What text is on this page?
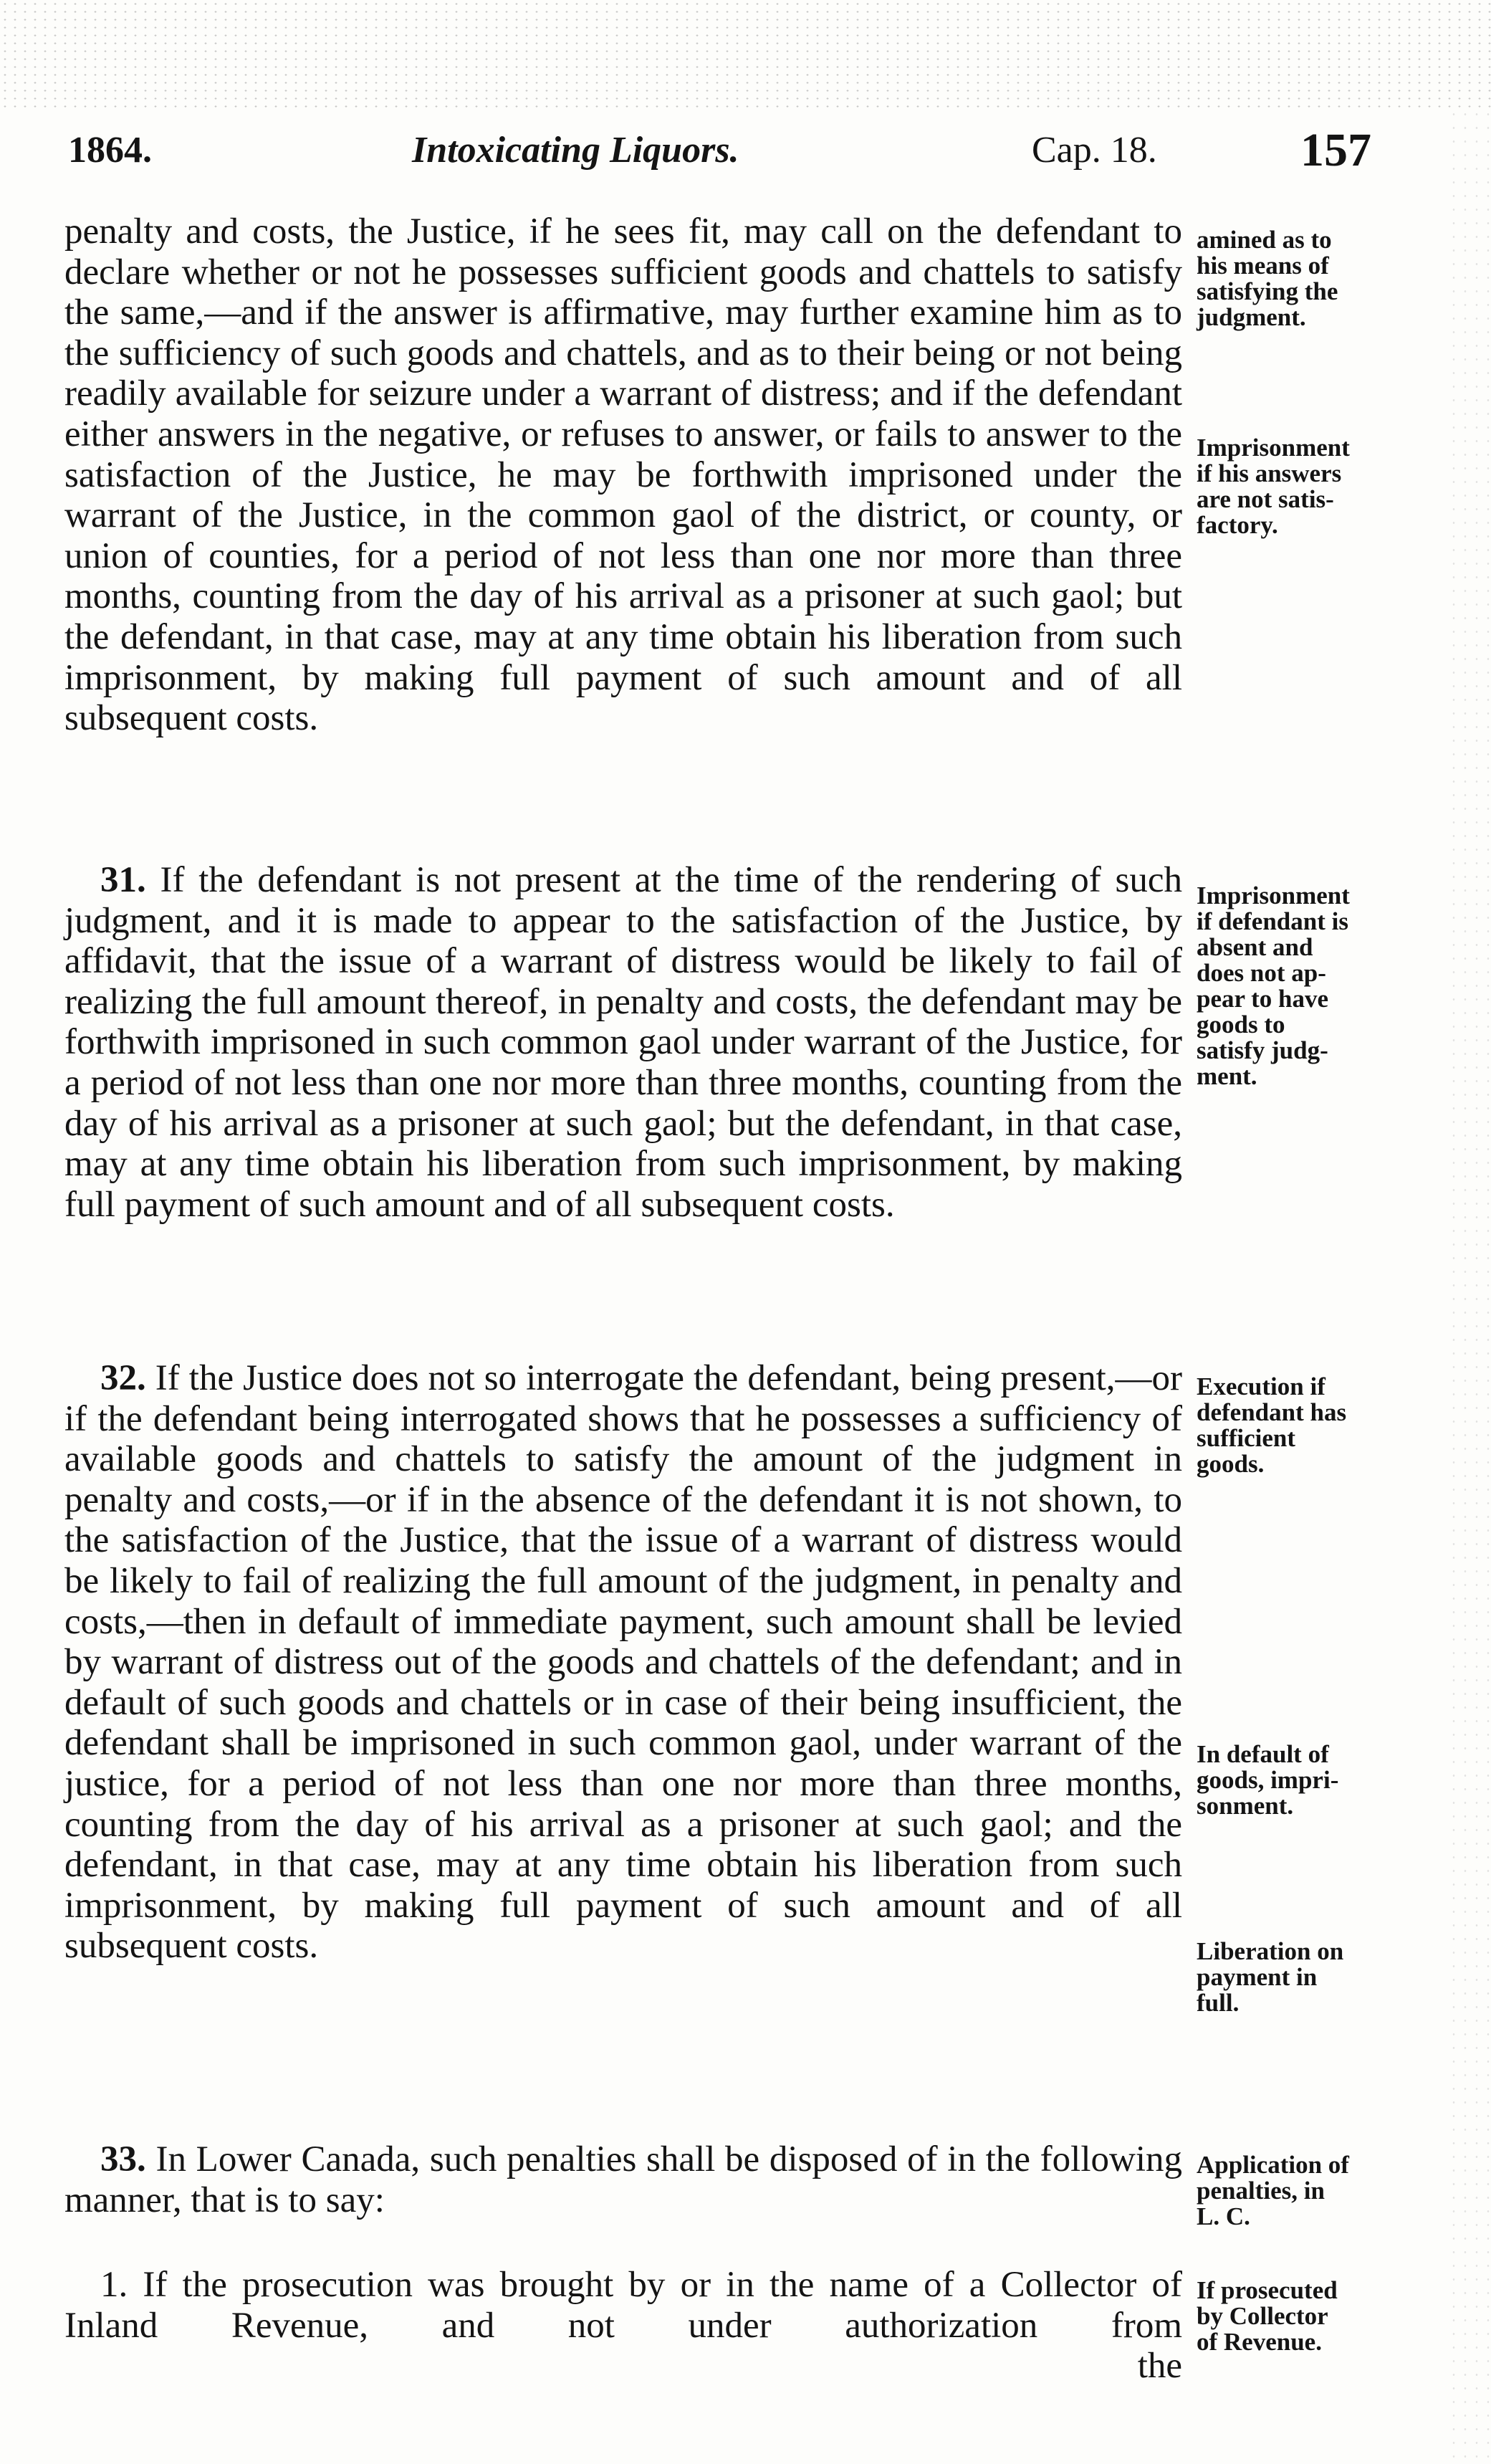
1864.	Intoxicating Liquors.	Cap. 18.	157
penalty and costs, the Justice, if he sees fit, may call on the defendant to declare whether or not he possesses sufficient goods and chattels to satisfy the same,—and if the answer is affirmative, may further examine him as to the sufficiency of such goods and chattels, and as to their being or not being readily available for seizure under a warrant of distress; and if the defendant either answers in the negative, or refuses to answer, or fails to answer to the satisfaction of the Justice, he may be forthwith imprisoned under the warrant of the Justice, in the common gaol of the district, or county, or union of counties, for a period of not less than one nor more than three months, counting from the day of his arrival as a prisoner at such gaol; but the defendant, in that case, may at any time obtain his liberation from such imprisonment, by making full payment of such amount and of all subsequent costs.
amined as to
his means of
satisfying the
judgment.
Imprisonment
if his answers
are not satis-
factory.
31. If the defendant is not present at the time of the rendering of such judgment, and it is made to appear to the satisfaction of the Justice, by affidavit, that the issue of a warrant of distress would be likely to fail of realizing the full amount thereof, in penalty and costs, the defendant may be forthwith imprisoned in such common gaol under warrant of the Justice, for a period of not less than one nor more than three months, counting from the day of his arrival as a prisoner at such gaol; but the defendant, in that case, may at any time obtain his liberation from such imprisonment, by making full payment of such amount and of all subsequent costs.
Imprisonment
if defendant is
absent and
does not ap-
pear to have
goods to
satisfy judg-
ment.
32. If the Justice does not so interrogate the defendant, being present,—or if the defendant being interrogated shows that he possesses a sufficiency of available goods and chattels to satisfy the amount of the judgment in penalty and costs,—or if in the absence of the defendant it is not shown, to the satisfaction of the Justice, that the issue of a warrant of distress would be likely to fail of realizing the full amount of the judgment, in penalty and costs,—then in default of immediate payment, such amount shall be levied by warrant of distress out of the goods and chattels of the defendant; and in default of such goods and chattels or in case of their being insufficient, the defendant shall be imprisoned in such common gaol, under warrant of the justice, for a period of not less than one nor more than three months, counting from the day of his arrival as a prisoner at such gaol; and the defendant, in that case, may at any time obtain his liberation from such imprisonment, by making full payment of such amount and of all subsequent costs.
Execution if
defendant has
sufficient
goods.
In default of
goods, impri-
sonment.
Liberation on
payment in
full.
33. In Lower Canada, such penalties shall be disposed of in the following manner, that is to say:
Application of
penalties, in
L. C.
1. If the prosecution was brought by or in the name of a Collector of Inland Revenue, and not under authorization from
the
If prosecuted
by Collector
of Revenue.
